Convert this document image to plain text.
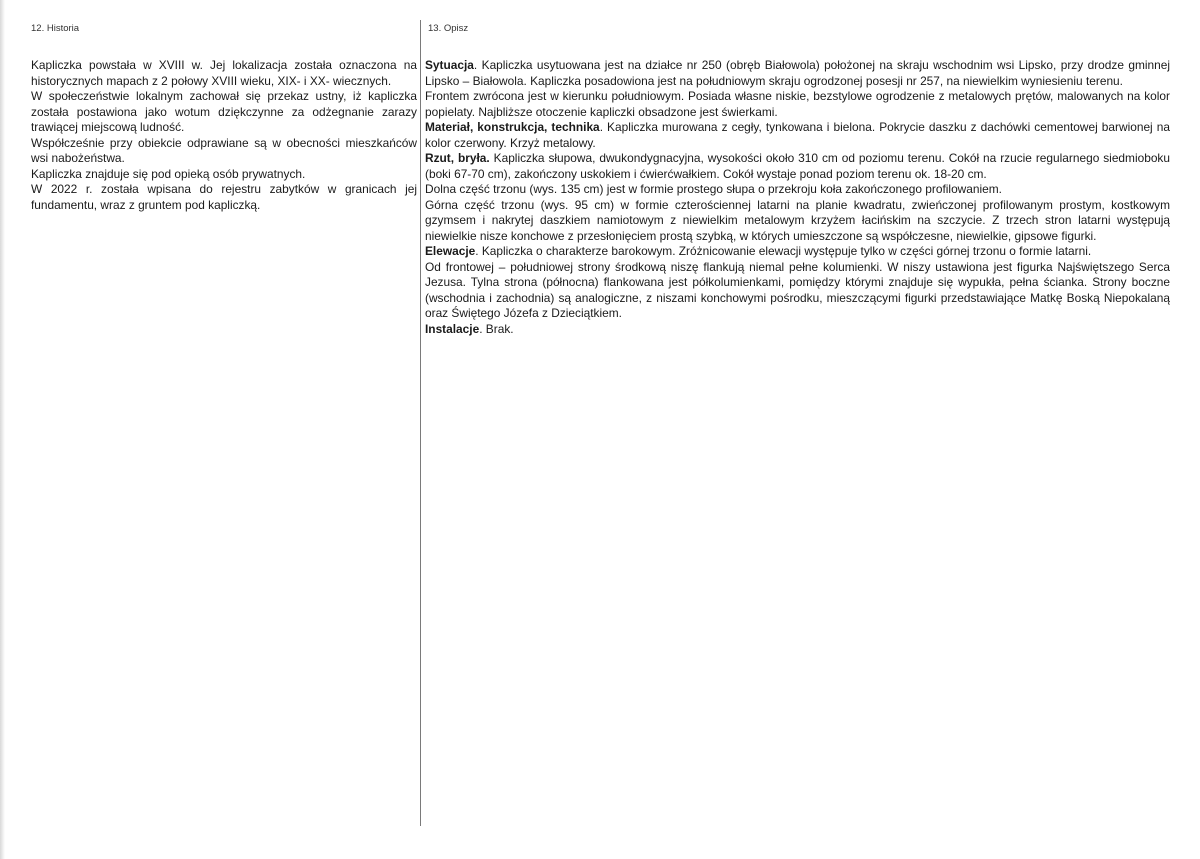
12. Historia

Kapliczka powstała w XVIII w. Jej lokalizacja została oznaczona na historycznych mapach z 2 połowy XVIII wieku, XIX- i XX- wiecznych.

W społeczeństwie lokalnym zachował się przekaz ustny, iż kapliczka została postawiona jako wotum dziękczynne za odżegnanie zarazy trawiącej miejscową ludność.

Współcześnie przy obiekcie odprawiane są w obecności mieszkańców wsi nabożeństwa.

Kapliczka znajduje się pod opieką osób prywatnych.

W 2022 r. została wpisana do rejestru zabytków w granicach jej fundamentu, wraz z gruntem pod kapliczką.

13. Opisz

Sytuacja. Kapliczka usytuowana jest na działce nr 250 (obręb Białowola) położonej na skraju wschodnim wsi Lipsko, przy drodze gminnej Lipsko – Białowola. Kapliczka posadowiona jest na południowym skraju ogrodzonej posesji nr 257, na niewielkim wyniesieniu terenu.

Frontem zwrócona jest w kierunku południowym. Posiada własne niskie, bezstylowe ogrodzenie z metalowych prętów, malowanych na kolor popielaty. Najbliższe otoczenie kapliczki obsadzone jest świerkami.

Materiał, konstrukcja, technika. Kapliczka murowana z cegły, tynkowana i bielona. Pokrycie daszku z dachówki cementowej barwionej na kolor czerwony. Krzyż metalowy.

Rzut, bryła. Kapliczka słupowa, dwukondygnacyjna, wysokości około 310 cm od poziomu terenu. Cokół na rzucie regularnego siedmioboku (boki 67-70 cm), zakończony uskokiem i ćwierćwałkiem. Cokół wystaje ponad poziom terenu ok. 18-20 cm.

Dolna część trzonu (wys. 135 cm) jest w formie prostego słupa o przekroju koła zakończonego profilowaniem.

Górna część trzonu (wys. 95 cm) w formie czterościennej latarni na planie kwadratu, zwieńczonej profilowanym prostym, kostkowym gzymsem i nakrytej daszkiem namiotowym z niewielkim metalowym krzyżem łacińskim na szczycie. Z trzech stron latarni występują niewielkie nisze konchowe z przesłonięciem prostą szybką, w których umieszczone są współczesne, niewielkie, gipsowe figurki.

Elewacje. Kapliczka o charakterze barokowym. Zróżnicowanie elewacji występuje tylko w części górnej trzonu o formie latarni.

Od frontowej – południowej strony środkową niszę flankują niemal pełne kolumienki. W niszy ustawiona jest figurka Najświętszego Serca Jezusa. Tylna strona (północna) flankowana jest półkolumienkami, pomiędzy którymi znajduje się wypukła, pełna ścianka. Strony boczne (wschodnia i zachodnia) są analogiczne, z niszami konchowymi pośrodku, mieszczącymi figurki przedstawiające Matkę Boską Niepokalaną oraz Świętego Józefa z Dzieciątkiem.

Instalacje. Brak.
